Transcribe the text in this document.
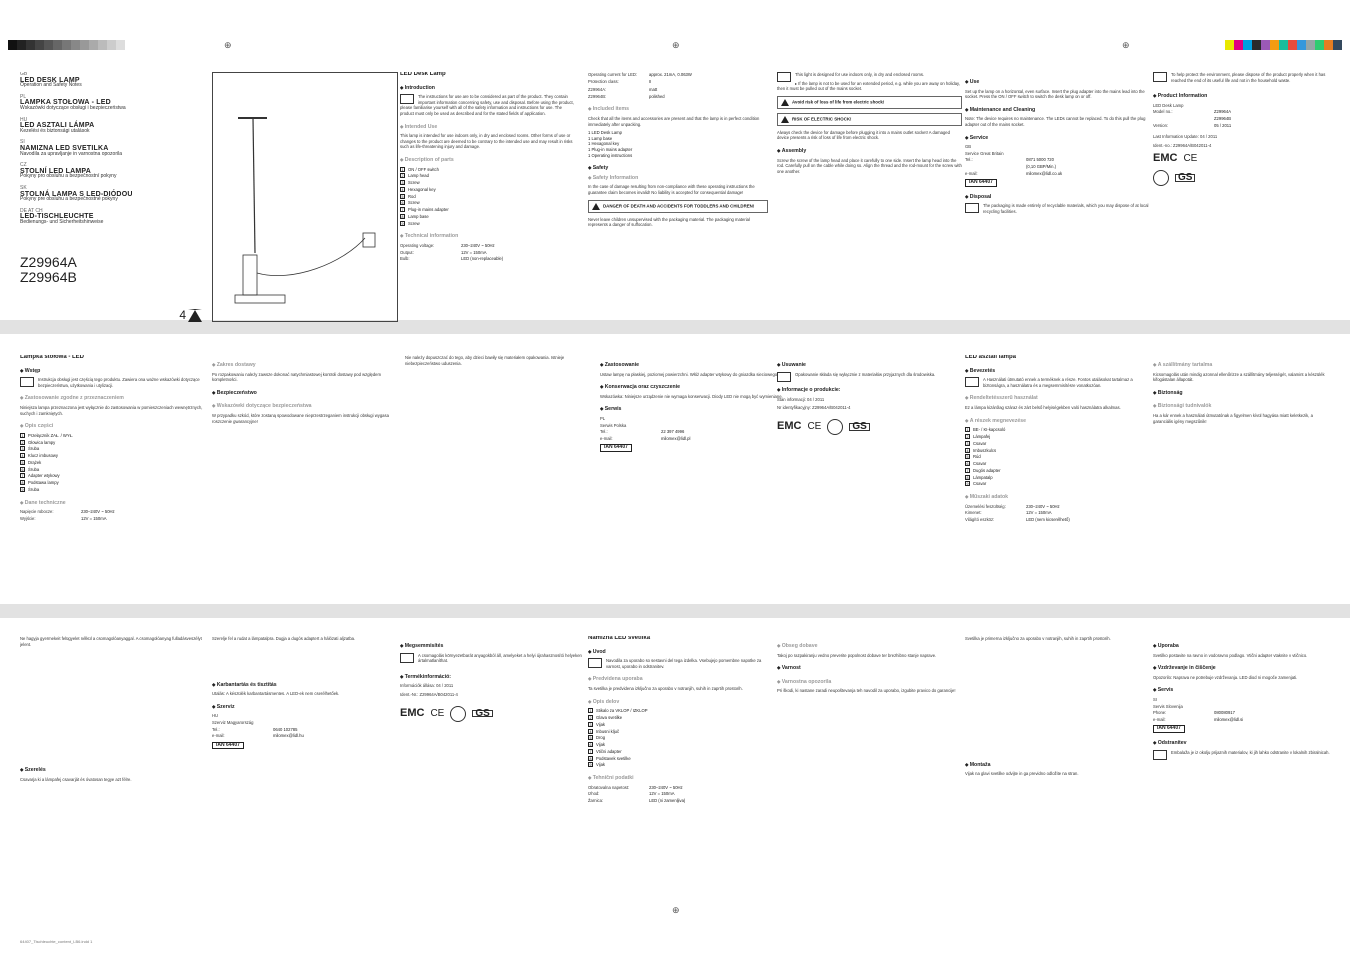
⊕	⊕	⊕
⊕
GB
LED DESK LAMP
Operation and Safety Notes
PL
LAMPKA STOŁOWA - LED
Wskazówki dotyczące obsługi i bezpieczeństwa
HU
LED ASZTALI LÁMPA
Kezelési és biztonsági utalások
SI
NAMIZNA LED SVETILKA
Navodila za upravljanje in varnostna opozorila
CZ
STOLNÍ LED LAMPA
Pokyny pro obsluhu a bezpečnostní pokyny
SK
STOLNÁ LAMPA S LED-DIÓDOU
Pokyny pre obsluhu a bezpečnostné pokyny
DE AT CH
LED-TISCHLEUCHTE
Bedienungs- und Sicherheitshinweise
Z29964A
Z29964B
4
LED Desk Lamp
◆ Introduction
The instructions for use are to be considered as part of the product. They contain important information concerning safety, use and disposal. Before using the product, please familiarise yourself with all of the safety information and instructions for use. The product must only be used as described and for the stated fields of application.
◆ Intended Use
This lamp is intended for use indoors only, in dry and enclosed rooms. Other forms of use or changes to the product are deemed to be contrary to the intended use and may result in risks such as life-threatening injury and damage.
◆ Description of parts
1	ON / OFF switch
2	Lamp head
3	Screw
4	Hexagonal key
5	Rod
6	Screw
7	Plug-in mains adapter
8	Lamp base
9	Screw
◆ Technical information
Operating voltage:	230–240V ~ 50Hz
Output:	12V = 150mA
Bulb:	LED (non-replaceable)
Operating current for LED:	approx. 21mA, 0.063W
Protection class:	II
Z29964A:	matt
Z29964B:	polished
◆ Included items
Check that all the items and accessories are present and that the lamp is in perfect condition immediately after unpacking.
1 LED Desk Lamp
1 Lamp base
1 Hexagonal key
1 Plug-in mains adapter
1 Operating instructions
◆ Safety
◆ Safety Information
In the case of damage resulting from non-compliance with these operating instructions the guarantee claim becomes invalid! No liability is accepted for consequential damage!
DANGER OF DEATH AND ACCIDENTS FOR TODDLERS AND CHILDREN!
Never leave children unsupervised with the packaging material. The packaging material represents a danger of suffocation.
This light is designed for use indoors only, in dry and enclosed rooms.
▸ If the lamp is not to be used for an extended period, e.g. while you are away on holiday, then it must be pulled out of the mains socket.
Avoid risk of loss of life from electric shock!
RISK OF ELECTRIC SHOCK!
Always check the device for damage before plugging it into a mains outlet socket! A damaged device presents a risk of loss of life from electric shock.
◆ Assembly
Screw the screw of the lamp head and place it carefully to one side. Insert the lamp head into the rod. Carefully pull on the cable while doing so. Align the thread and the rod-mount for the screw with one another.
◆ Use
Set up the lamp on a horizontal, even surface. Insert the plug adapter into the mains lead into the socket. Press the ON / OFF switch to switch the desk lamp on or off.
◆ Maintenance and Cleaning
Note: The device requires no maintenance. The LEDs cannot be replaced. To do this pull the plug adapter out of the mains socket.
◆ Service
GB
Service Great Britain
Tel.:	0871 5000 720
(0,10 GBP/Min.)
e-mail:	milomex@lidl.co.uk
IAN 64407
◆ Disposal
The packaging is made entirely of recyclable materials, which you may dispose of at local recycling facilities.
To help protect the environment, please dispose of the product properly when it has reached the end of its useful life and not in the household waste.
◆ Product Information
LED Desk Lamp
Model no.:	Z29964A
Z29964B
Version:	05 / 2011
Last Information Update: 04 / 2011
Ident.-no.: Z29964A/B042011-4
EMC CE
GS
Lampka stołowa - LED
◆ Wstęp
Instrukcja obsługi jest częścią tego produktu. Zawiera ona ważne wskazówki dotyczące bezpieczeństwa, użytkowania i utylizacji.
◆ Zastosowanie zgodne z przeznaczeniem
Niniejsza lampa przeznaczona jest wyłącznie do zastosowania w pomieszczeniach wewnętrznych, suchych i zamkniętych.
◆ Opis części
1	Przełącznik ZAŁ. / WYŁ.
2	Głowica lampy
3	Śruba
4	Klucz imbusowy
5	Drążek
6	Śruba
7	Adapter wtykowy
8	Podstawa lampy
9	Śruba
◆ Dane techniczne
Napięcie robocze:	230–240V ~ 50Hz
Wyjście:	12V = 150mA
◆ Zakres dostawy
Po rozpakowaniu należy zawsze dokonać natychmiastowej kontroli dostawy pod względem kompletności.
◆ Bezpieczeństwo
◆ Wskazówki dotyczące bezpieczeństwa
W przypadku szkód, które zostaną spowodowane nieprzestrzeganiem instrukcji obsługi wygasa roszczenie gwarancyjne!
Nie należy dopuszczać do tego, aby dzieci bawiły się materiałem opakowania. Istnieje niebezpieczeństwo uduszenia.
◆	Zastosowanie
Ustaw lampę na płaskiej, poziomej powierzchni. Włóż adapter wtykowy do gniazdka sieciowego.
◆ Konserwacja oraz czyszczenie
Wskazówka: Niniejsze urządzenie nie wymaga konserwacji. Diody LED nie mogą być wymieniane.
◆ Serwis
PL
Serwis Polska
Tel.:	22 397 4996
e-mail:	milomex@lidl.pl
IAN 64407
◆ Usuwanie
Opakowanie składa się wyłącznie z materiałów przyjaznych dla środowiska.
◆ Informacje o produkcie:
Stan informacji: 04 / 2011
Nr identyfikacyjny: Z29964A/B042011-4
EMC CE	GS
LED asztali lámpa
◆ Bevezetés
A Használati útmutató ennek a terméknek a része. Fontos utalásokat tartalmaz a biztonságra, a használatra és a megsemmisítésre vonatkozóan.
◆ Rendeltetésszerű használat
Ez a lámpa kizárólag száraz és zárt belső helyiségekben való használatra alkalmas.
◆ A részek megnevezése
1	BE- / KI-kapcsoló
2	Lámpafej
3	Csavar
4	Imbuszkulcs
5	Rúd
6	Csavar
7	Dugós adapter
8	Lámpatalp
9	Csavar
◆ Műszaki adatok
Üzemelési feszültség:	230–240V ~ 50Hz
Kimenet:	12V = 150mA
Világító eszköz:	LED (nem kicserélhető)
◆ A szállítmány tartalma
Kicsomagolás után mindig azonnal ellenőrizze a szállítmány teljességét, valamint a készülék kifogástalan állapotát.
◆ Biztonság
◆ Biztonsági tudnivalók
Ha a kár ennek a használati útmutatónak a figyelmen kívül hagyása miatt keletkezik, a garanciális igény megszűnik!
Ne hagyja gyermekeit felügyelet nélkül a csomagolóanyaggal. A csomagolóanyag fulladásveszélyt jelent.
◆ Szerelés
Csavarja ki a lámpafej csavarját és óvatosan tegye azt félre.
Szerelje fel a rudat a lámpatalpra. Dugja a dugós adaptert a hálózati aljzatba.
◆ Karbantartás és tisztítás
Utalás: A készülék karbantartásmentes. A LED-ek nem cserélhetőek.
◆ Szerviz
HU
Szerviz Magyarország
Tel.:	0640 102785
e-mail:	milomex@lidl.hu
IAN 64407
◆ Megsemmisítés
A csomagolás környezetbarát anyagokból áll, amelyeket a helyi újrahasznosító helyeken ártalmatlaníthat.
◆ Termékinformáció:
Információk állása: 04 / 2011
Ident.-Nr.: Z29964A/B042011-4
EMC CE	GS
Namizna LED svetilka
◆ Uvod
Navodila za uporabo so sestavni del tega izdelka. Vsebujejo pomembne napotke za varnost, uporabo in odstranitev.
◆ Predvidena uporaba
Ta svetilka je predvidena izključno za uporabo v notranjih, suhih in zaprtih prostorih.
◆ Opis delov
1	Stikalo za VKLOP / IZKLOP
2	Glava svetilke
3	Vijak
4	Inbusni ključ
5	Drog
6	Vijak
7	Vtični adapter
8	Podstavek svetilke
9	Vijak
◆ Tehnični podatki
Obratovalna napetost:	230–240V ~ 50Hz
Izhod:	12V = 150mA
Žarnica:	LED (ni zamenljiva)
◆ Obseg dobave
Takoj po razpakiranju vedno preverite popolnost dobave ter brezhibno stanje naprave.
◆ Varnost
◆ Varnostna opozorila
Pri škodi, ki nastane zaradi neupoštevanja teh navodil za uporabo, izgubite pravico do garancije!
Svetilka je primerna izključno za uporabo v notranjih, suhih in zaprtih prostorih.
◆ Montaža
Vijak na glavi svetilke odvijte in ga previdno odložite na stran.
◆ Uporaba
Svetilko postavite na ravno in vodoravno podlago. Vtični adapter vtaknite v vtičnico.
◆ Vzdrževanje in čiščenje
Opozorilo: Naprava ne potrebuje vzdrževanja. LED diod ni mogoče zamenjati.
◆ Servis
SI
Servis Slovenija
Phone:	080080917
e-mail:	milomex@lidl.si
IAN 64407
◆ Odstranitev
Embalaža je iz okolju prijaznih materialov, ki jih lahko odstranite v lokalnih zbiralnicah.
64407_Tischleuchte_content_LB6.indd 1
